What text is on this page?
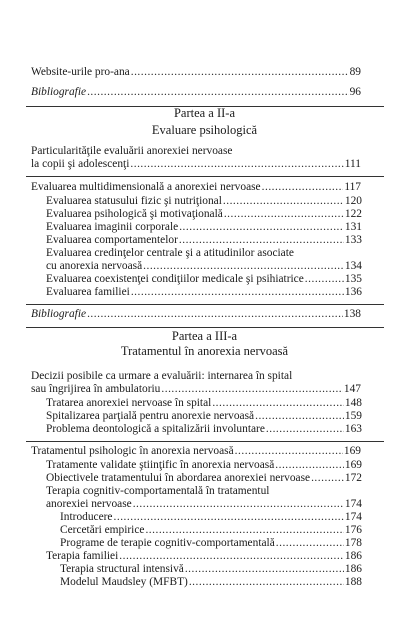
Website-urile pro-ana .....	89
Bibliografie .....	96
Partea a II-a
Evaluare psihologică
Particularităţile evaluării anorexiei nervoase
la copii şi adolescenţi .....	111
Evaluarea multidimensională a anorexiei nervoase .....	117
Evaluarea statusului fizic şi nutriţional .....	120
Evaluarea psihologică şi motivaţională .....	122
Evaluarea imaginii corporale .....	131
Evaluarea comportamentelor .....	133
Evaluarea credinţelor centrale şi a atitudinilor asociate
cu anorexia nervoasă .....	134
Evaluarea coexistenţei condiţiilor medicale şi psihiatrice .....	135
Evaluarea familiei .....	136
Bibliografie .....	138
Partea a III-a
Tratamentul în anorexia nervoasă
Decizii posibile ca urmare a evaluării: internarea în spital
sau îngrijirea în ambulatoriu .....	147
Tratarea anorexiei nervoase în spital .....	148
Spitalizarea parţială pentru anorexie nervoasă .....	159
Problema deontologică a spitalizării involuntare .....	163
Tratamentul psihologic în anorexia nervoasă .....	169
Tratamente validate ştiinţific în anorexia nervoasă .....	169
Obiectivele tratamentului în abordarea anorexiei nervoase .....	172
Terapia cognitiv-comportamentală în tratamentul
anorexiei nervoase .....	174
Introducere .....	174
Cercetări empirice .....	176
Programe de terapie cognitiv-comportamentală .....	178
Terapia familiei .....	186
Terapia structural intensivă .....	186
Modelul Maudsley (MFBT) .....	188
